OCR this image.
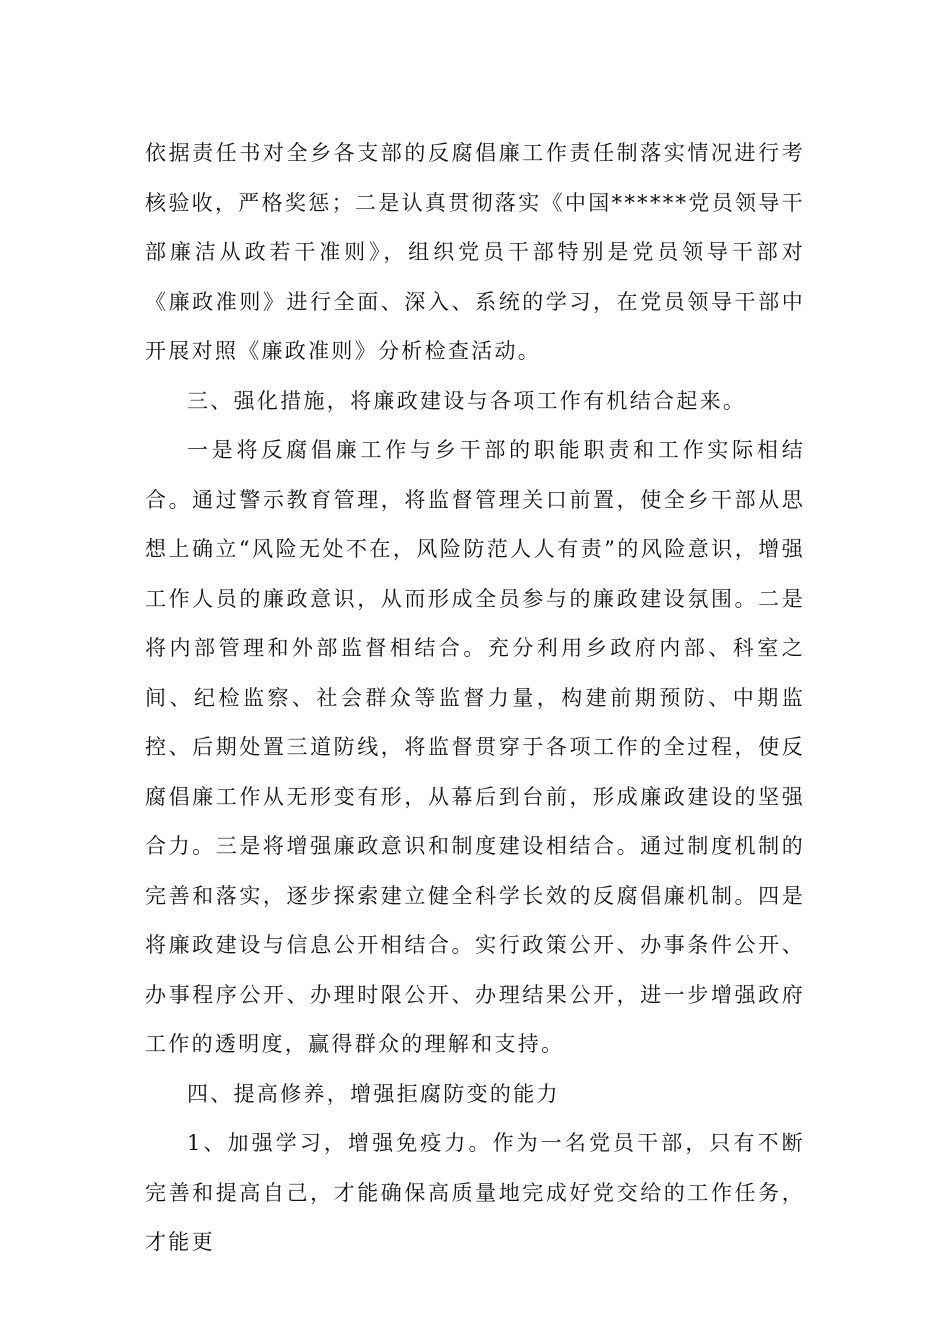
依据责任书对全乡各支部的反腐倡廉工作责任制落实情况进行考核验收，严格奖惩；二是认真贯彻落实《中国******党员领导干部廉洁从政若干准则》，组织党员干部特别是党员领导干部对《廉政准则》进行全面、深入、系统的学习，在党员领导干部中开展对照《廉政准则》分析检查活动。

三、强化措施，将廉政建设与各项工作有机结合起来。

一是将反腐倡廉工作与乡干部的职能职责和工作实际相结合。通过警示教育管理，将监督管理关口前置，使全乡干部从思想上确立“风险无处不在，风险防范人人有责”的风险意识，增强工作人员的廉政意识，从而形成全员参与的廉政建设氛围。二是将内部管理和外部监督相结合。充分利用乡政府内部、科室之间、纪检监察、社会群众等监督力量，构建前期预防、中期监控、后期处置三道防线，将监督贯穿于各项工作的全过程，使反腐倡廉工作从无形变有形，从幕后到台前，形成廉政建设的坚强合力。三是将增强廉政意识和制度建设相结合。通过制度机制的完善和落实，逐步探索建立健全科学长效的反腐倡廉机制。四是将廉政建设与信息公开相结合。实行政策公开、办事条件公开、办事程序公开、办理时限公开、办理结果公开，进一步增强政府工作的透明度，赢得群众的理解和支持。

四、提高修养，增强拒腐防变的能力

1、加强学习，增强免疫力。作为一名党员干部，只有不断完善和提高自己，才能确保高质量地完成好党交给的工作任务，才能更
